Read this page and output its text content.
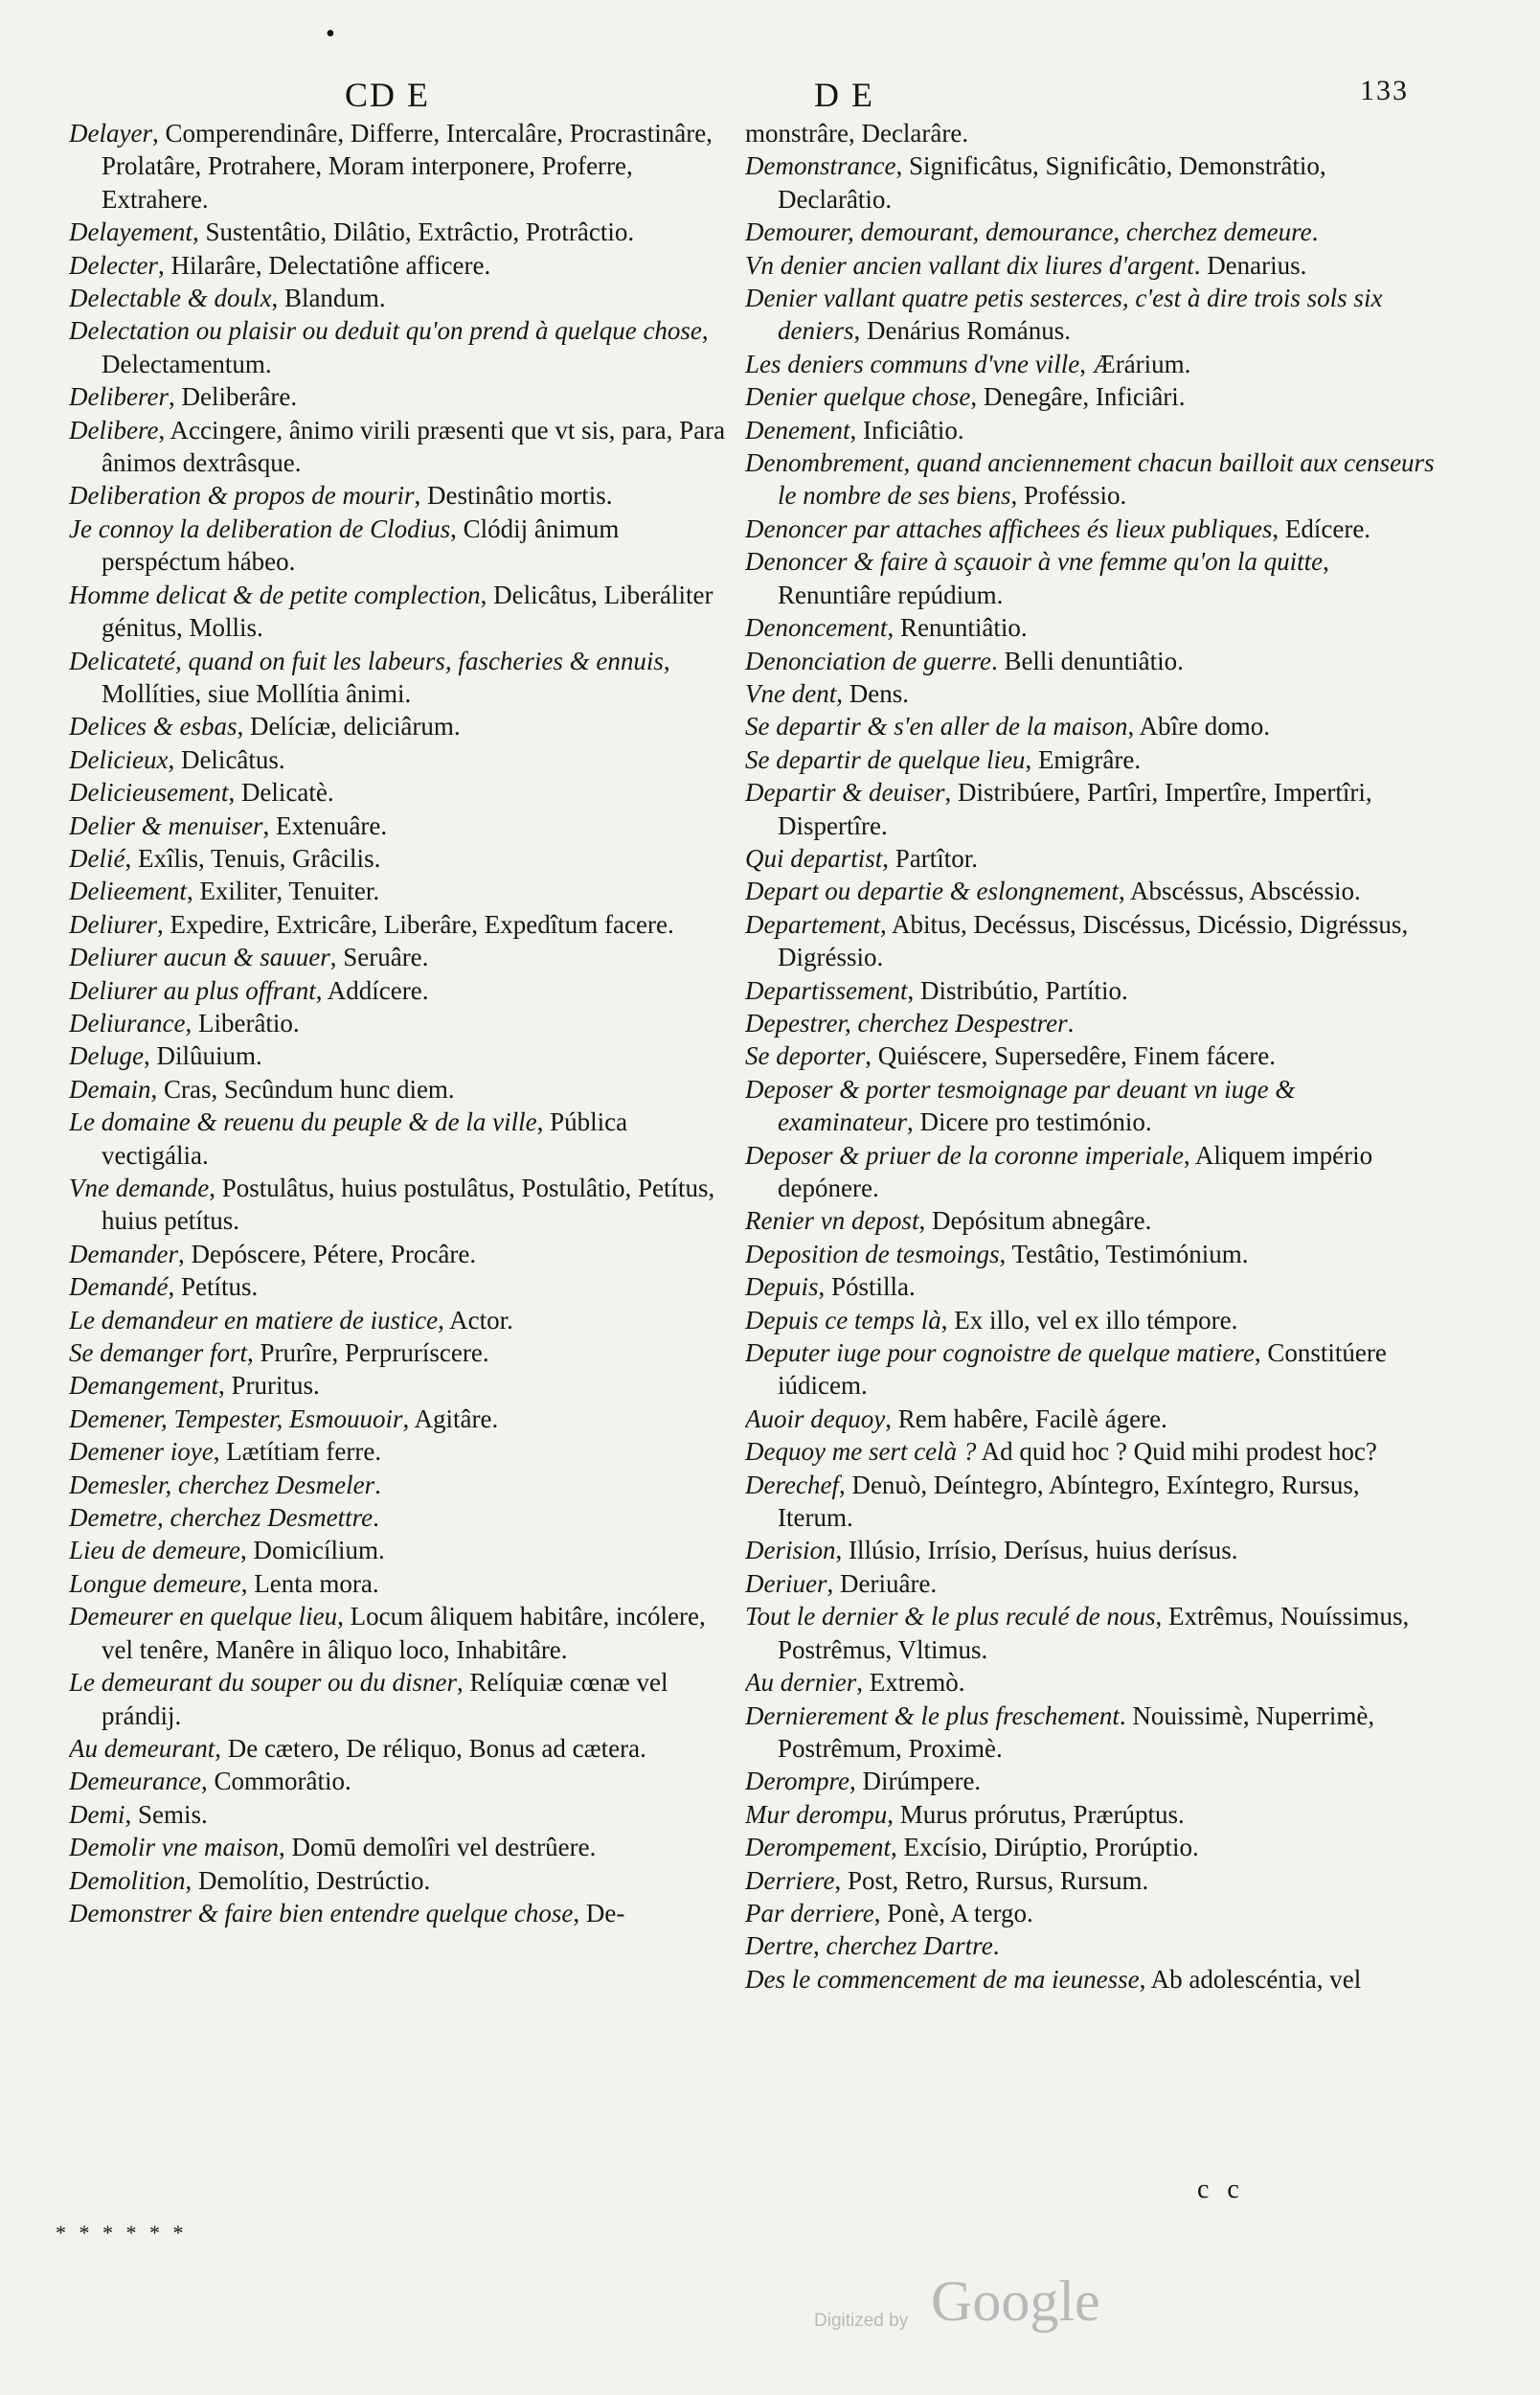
•
CD E	D E	133

Delayer, Comperendinâre, Differre, Intercalâre, Procrastinâre, Prolatâre, Protrahere, Moram interponere, Proferre, Extrahere.

Delayement, Sustentâtio, Dilâtio, Extrâctio, Protrâctio.

Delecter, Hilarâre, Delectatiône afficere.

Delectable & doulx, Blandum.

Delectation ou plaisir ou deduit qu'on prend à quelque chose, Delectamentum.

Deliberer, Deliberâre.

Delibere, Accingere, ânimo virili præsenti que vt sis, para, Para ânimos dextrâsque.

Deliberation & propos de mourir, Destinâtio mortis.

Je connoy la deliberation de Clodius, Clódij ânimum perspéctum hábeo.

Homme delicat & de petite complection, Delicâtus, Liberáliter génitus, Mollis.

Delicateté, quand on fuit les labeurs, fascheries & ennuis, Mollíties, siue Mollítia ânimi.

Delices & esbas, Delíciæ, deliciârum.

Delicieux, Delicâtus.

Delicieusement, Delicatè.

Delier & menuiser, Extenuâre.

Delié, Exîlis, Tenuis, Grâcilis.

Delieement, Exiliter, Tenuiter.

Deliurer, Expedire, Extricâre, Liberâre, Expedîtum facere.

Deliurer aucun & sauuer, Seruâre.

Deliurer au plus offrant, Addícere.

Deliurance, Liberâtio.

Deluge, Dilûuium.

Demain, Cras, Secûndum hunc diem.

Le domaine & reuenu du peuple & de la ville, Pública vectigália.

Vne demande, Postulâtus, huius postulâtus, Postulâtio, Petítus, huius petítus.

Demander, Depóscere, Pétere, Procâre.

Demandé, Petítus.

Le demandeur en matiere de iustice, Actor.

Se demanger fort, Prurîre, Perpruríscere.

Demangement, Pruritus.

Demener, Tempester, Esmouuoir, Agitâre.

Demener ioye, Lætítiam ferre.

Demesler, cherchez Desmeler.

Demetre, cherchez Desmettre.

Lieu de demeure, Domicílium.

Longue demeure, Lenta mora.

Demeurer en quelque lieu, Locum âliquem habitâre, incólere, vel tenêre, Manêre in âliquo loco, Inhabitâre.

Le demeurant du souper ou du disner, Relíquiæ cœnæ vel prándij.

Au demeurant, De cætero, De réliquo, Bonus ad cætera.

Demeurance, Commorâtio.

Demi, Semis.

Demolir vne maison, Domū demolîri vel destrûere.

Demolition, Demolítio, Destrúctio.

Demonstrer & faire bien entendre quelque chose, De-

monstrâre, Declarâre.

Demonstrance, Significâtus, Significâtio, Demonstrâtio, Declarâtio.

Demourer, demourant, demourance, cherchez demeure.

Vn denier ancien vallant dix liures d'argent. Denarius.

Denier vallant quatre petis sesterces, c'est à dire trois sols six deniers, Denárius Románus.

Les deniers communs d'vne ville, Ærárium.

Denier quelque chose, Denegâre, Inficiâri.

Denement, Inficiâtio.

Denombrement, quand anciennement chacun bailloit aux censeurs le nombre de ses biens, Proféssio.

Denoncer par attaches affichees és lieux publiques, Edícere.

Denoncer & faire à sçauoir à vne femme qu'on la quitte, Renuntiâre repúdium.

Denoncement, Renuntiâtio.

Denonciation de guerre. Belli denuntiâtio.

Vne dent, Dens.

Se departir & s'en aller de la maison, Abîre domo.

Se departir de quelque lieu, Emigrâre.

Departir & deuiser, Distribúere, Partîri, Impertîre, Impertîri, Dispertîre.

Qui departist, Partîtor.

Depart ou departie & eslongnement, Abscéssus, Abscéssio.

Departement, Abitus, Decéssus, Discéssus, Dicéssio, Digréssus, Digréssio.

Departissement, Distribútio, Partítio.

Depestrer, cherchez Despestrer.

Se deporter, Quiéscere, Supersedêre, Finem fácere.

Deposer & porter tesmoignage par deuant vn iuge & examinateur, Dicere pro testimónio.

Deposer & priuer de la coronne imperiale, Aliquem império depónere.

Renier vn depost, Depósitum abnegâre.

Deposition de tesmoings, Testâtio, Testimónium.

Depuis, Póstilla.

Depuis ce temps là, Ex illo, vel ex illo témpore.

Deputer iuge pour cognoistre de quelque matiere, Constitúere iúdicem.

Auoir dequoy, Rem habêre, Facilè ágere.

Dequoy me sert celà ? Ad quid hoc ? Quid mihi prodest hoc?

Derechef, Denuò, Deíntegro, Abíntegro, Exíntegro, Rursus, Iterum.

Derision, Illúsio, Irrísio, Derísus, huius derísus.

Deriuer, Deriuâre.

Tout le dernier & le plus reculé de nous, Extrêmus, Nouíssimus, Postrêmus, Vltimus.

Au dernier, Extremò.

Dernierement & le plus freschement. Nouissimè, Nuperrimè, Postrêmum, Proximè.

Derompre, Dirúmpere.

Mur derompu, Murus prórutus, Prærúptus.

Derompement, Excísio, Dirúptio, Prorúptio.

Derriere, Post, Retro, Rursus, Rursum.

Par derriere, Ponè, A tergo.

Dertre, cherchez Dartre.

Des le commencement de ma ieunesse, Ab adolescéntia, vel

c c
* * * * * *
Digitized by Google
